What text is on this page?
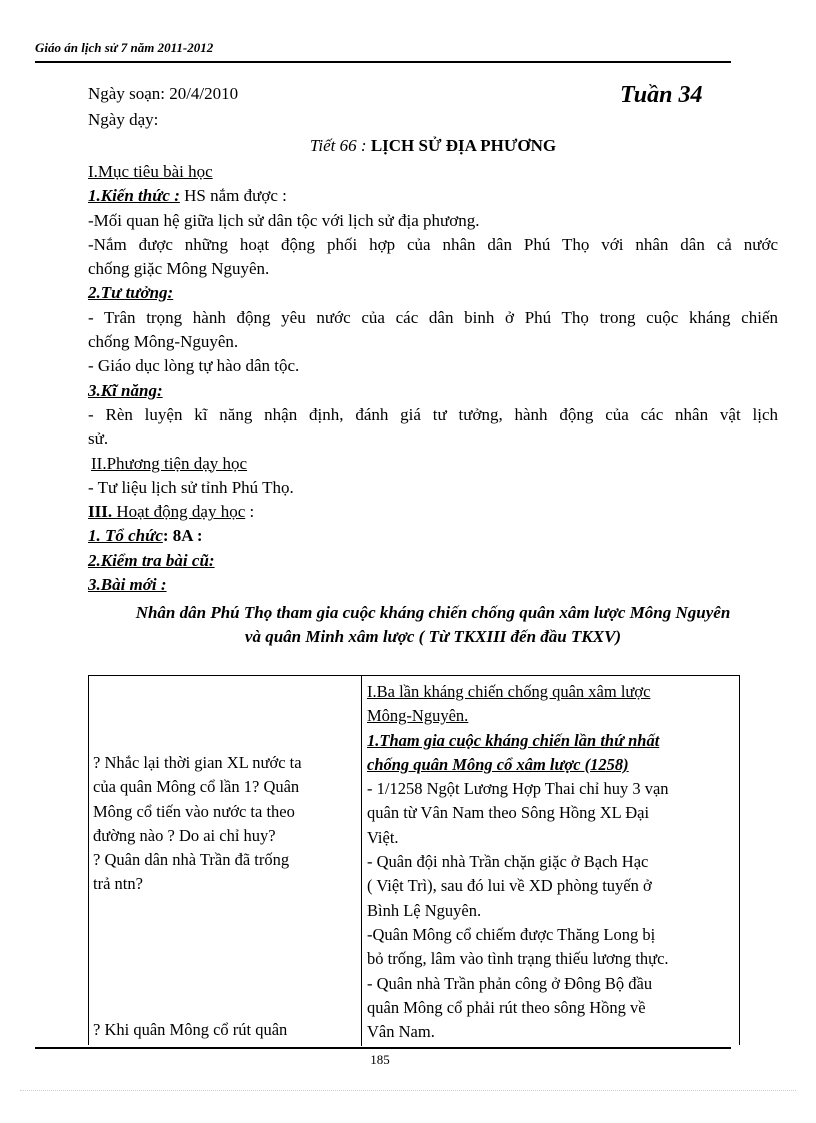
Giáo án lịch sử 7 năm 2011-2012
Ngày soạn: 20/4/2010
Ngày dạy:
Tuần 34
Tiết 66 : LỊCH SỬ ĐỊA PHƯƠNG
I.Mục tiêu bài học
1.Kiến thức : HS nắm được :
-Mối quan hệ giữa lịch sử dân tộc với lịch sử địa phương.
-Nắm được những hoạt động phối hợp của nhân dân Phú Thọ với nhân dân cả nước
chống giặc Mông Nguyên.
2.Tư tưởng:
- Trân trọng hành động yêu nước của các dân binh ở Phú Thọ trong cuộc kháng chiến
chống Mông-Nguyên.
- Giáo dục lòng tự hào dân tộc.
3.Kĩ năng:
- Rèn luyện kĩ năng nhận định, đánh giá tư tưởng, hành động của các nhân vật lịch
sử.
II.Phương tiện dạy học
- Tư liệu lịch sử tỉnh Phú Thọ.
III. Hoạt động dạy học :
1. Tổ chức: 8A :
2.Kiểm tra bài cũ:
3.Bài mới :
Nhân dân Phú Thọ tham gia cuộc kháng chiến chống quân xâm lược Mông Nguyên
và quân Minh xâm lược ( Từ TKXIII đến đầu TKXV)
? Nhắc lại thời gian XL nước ta
của quân Mông cổ lần 1? Quân
Mông cổ tiến vào nước ta theo
đường nào ? Do ai chỉ huy?
? Quân dân nhà Trần đã trống
trả ntn?
? Khi quân Mông cổ rút quân
I.Ba lần kháng chiến chống quân xâm lược
Mông-Nguyên.
1.Tham gia cuộc kháng chiến lần thứ nhất
chống quân Mông cổ xâm lược (1258)
- 1/1258 Ngột Lương Hợp Thai chỉ huy 3 vạn
quân từ Vân Nam theo Sông Hồng XL Đại
Việt.
- Quân đội nhà Trần chặn giặc ở Bạch Hạc
( Việt Trì), sau đó lui về XD phòng tuyến ở
Bình Lệ Nguyên.
-Quân Mông cổ chiếm được Thăng Long bị
bỏ trống, lâm vào tình trạng thiếu lương thực.
- Quân nhà Trần phản công ở Đông Bộ đầu
quân Mông cổ phải rút theo sông Hồng về
Vân Nam.
185
